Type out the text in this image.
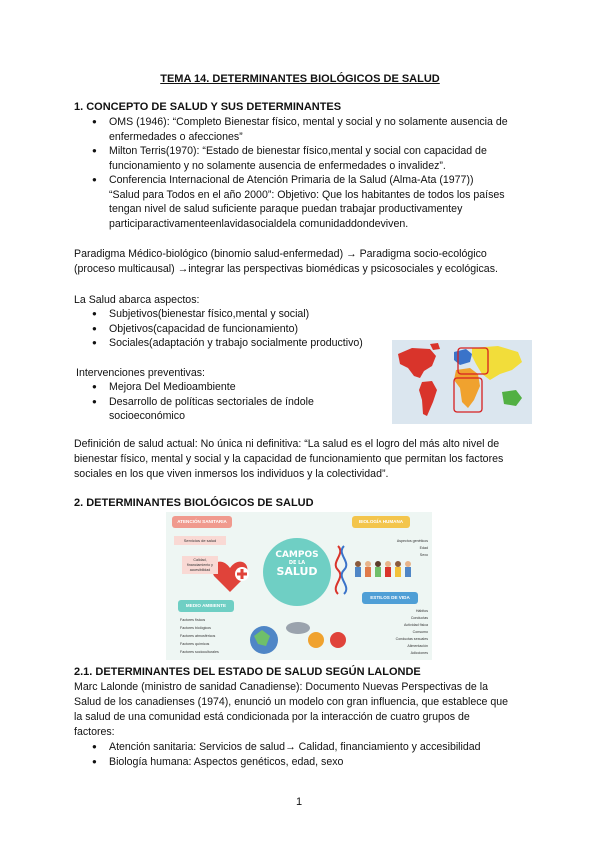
TEMA 14. DETERMINANTES BIOLÓGICOS DE SALUD
1. CONCEPTO DE SALUD Y SUS DETERMINANTES
● OMS (1946): “Completo Bienestar físico, mental y social y no solamente ausencia de
enfermedades o afecciones”
● Milton Terris(1970): “Estado de bienestar físico,mental y social con capacidad de
funcionamiento y no solamente ausencia de enfermedades o invalidez”.
● Conferencia Internacional de Atención Primaria de la Salud (Alma-Ata (1977))
“Salud para Todos en el año 2000”: Objetivo: Que los habitantes de todos los países
tengan nivel de salud suficiente paraque puedan trabajar productivamentey
participaractivamenteenlavidasocialdela comunidaddondeviven.
Paradigma Médico-biológico (binomio salud-enfermedad) → Paradigma socio-ecológico
(proceso multicausal) →integrar las perspectivas biomédicas y psicosociales y ecológicas.
La Salud abarca aspectos:
● Subjetivos(bienestar físico,mental y social)
● Objetivos(capacidad de funcionamiento)
● Sociales(adaptación y trabajo socialmente productivo)
Intervenciones preventivas:
● Mejora Del Medioambiente
● Desarrollo de políticas sectoriales de índole
socioeconómico
Definición de salud actual: No única ni definitiva: “La salud es el logro del más alto nivel de
bienestar físico, mental y social y la capacidad de funcionamiento que permitan los factores
sociales en los que viven inmersos los individuos y la colectividad”.
2. DETERMINANTES BIOLÓGICOS DE SALUD
CAMPOS
DE LA
SALUD
ATENCIÓN SANITARIA
Servicios de salud
Calidad, financiamiento y accesibilidad
BIOLOGÍA HUMANA
Aspectos genéticos
Edad
Sexo
MEDIO AMBIENTE
Factores físicos
Factores biológicos
Factores atmosféricos
Factores químicos
Factores socioculturales
ESTILOS DE VIDA
Hábitos
Conductas
Actividad física
Consumo
Conductas sexuales
Alimentación
Adicciones
2.1. DETERMINANTES DEL ESTADO DE SALUD SEGÚN LALONDE
Marc Lalonde (ministro de sanidad Canadiense): Documento Nuevas Perspectivas de la
Salud de los canadienses (1974), enunció un modelo con gran influencia, que establece que
la salud de una comunidad está condicionada por la interacción de cuatro grupos de
factores:
● Atención sanitaria: Servicios de salud→ Calidad, financiamiento y accesibilidad
● Biología humana: Aspectos genéticos, edad, sexo
1
